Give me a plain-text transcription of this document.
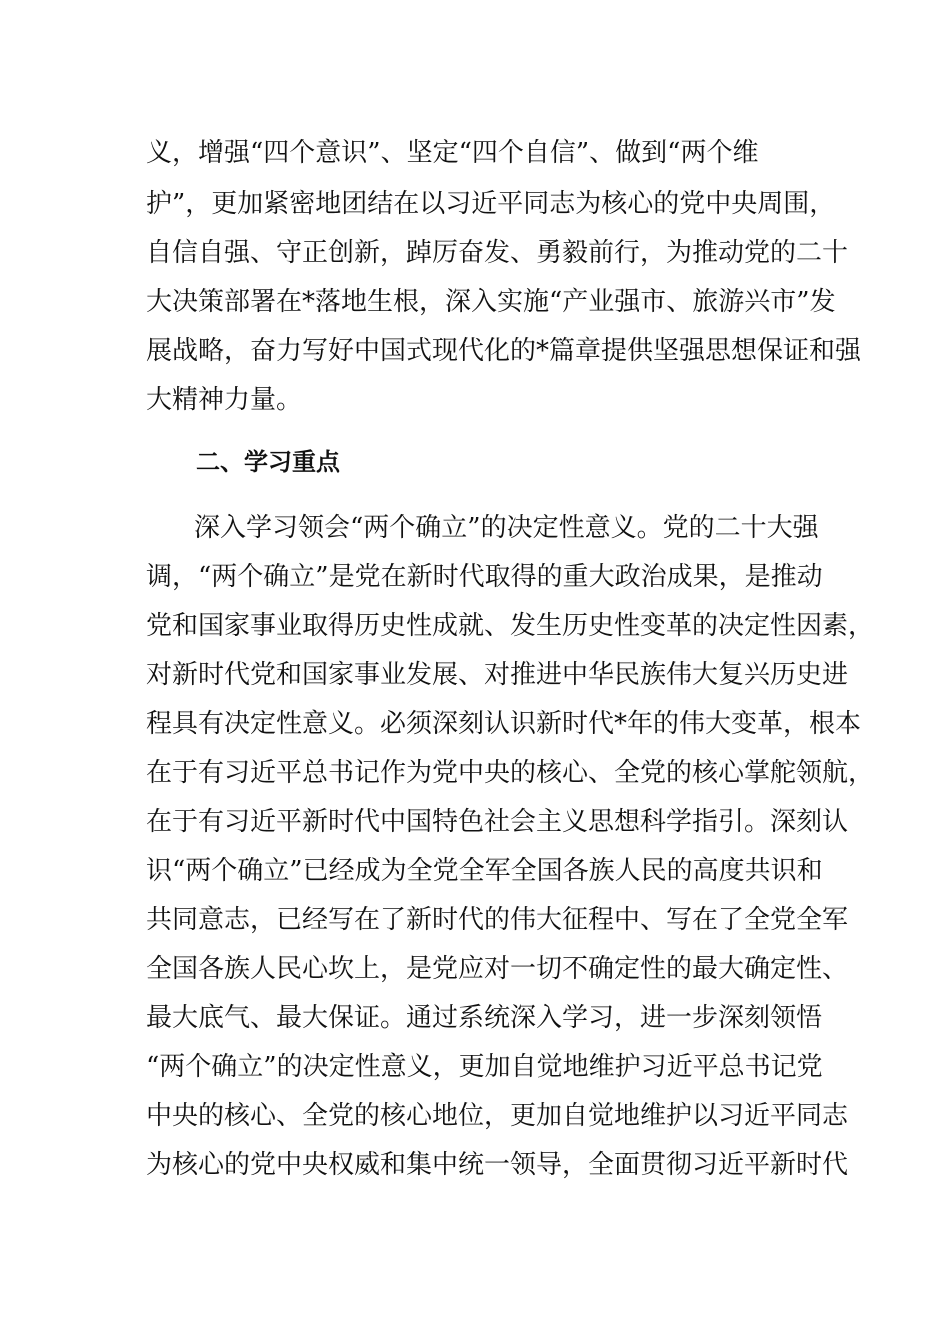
义，增强“四个意识”、坚定“四个自信”、做到“两个维
护”，更加紧密地团结在以习近平同志为核心的党中央周围，
自信自强、守正创新，踔厉奋发、勇毅前行，为推动党的二十
大决策部署在*落地生根，深入实施“产业强市、旅游兴市”发
展战略，奋力写好中国式现代化的*篇章提供坚强思想保证和强
大精神力量。
二、学习重点
深入学习领会“两个确立”的决定性意义。党的二十大强
调，“两个确立”是党在新时代取得的重大政治成果，是推动
党和国家事业取得历史性成就、发生历史性变革的决定性因素，
对新时代党和国家事业发展、对推进中华民族伟大复兴历史进
程具有决定性意义。必须深刻认识新时代*年的伟大变革，根本
在于有习近平总书记作为党中央的核心、全党的核心掌舵领航，
在于有习近平新时代中国特色社会主义思想科学指引。深刻认
识“两个确立”已经成为全党全军全国各族人民的高度共识和
共同意志，已经写在了新时代的伟大征程中、写在了全党全军
全国各族人民心坎上，是党应对一切不确定性的最大确定性、
最大底气、最大保证。通过系统深入学习，进一步深刻领悟
“两个确立”的决定性意义，更加自觉地维护习近平总书记党
中央的核心、全党的核心地位，更加自觉地维护以习近平同志
为核心的党中央权威和集中统一领导，全面贯彻习近平新时代
